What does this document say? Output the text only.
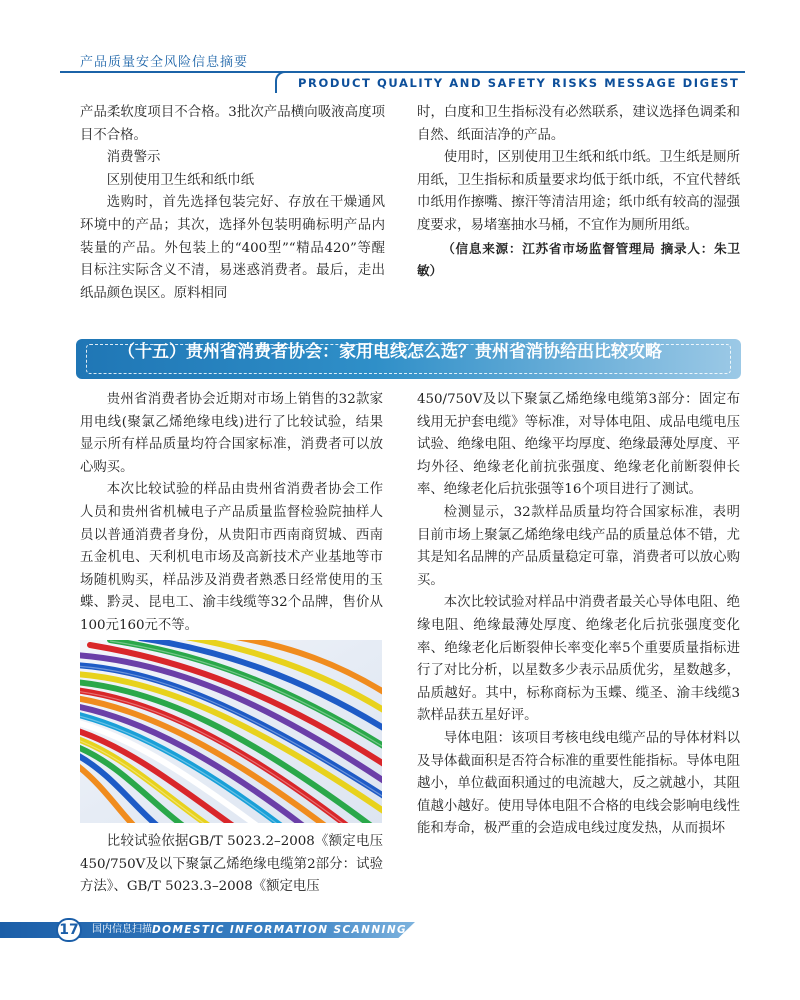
产品质量安全风险信息摘要
PRODUCT QUALITY AND SAFETY RISKS MESSAGE DIGEST

产品柔软度项目不合格。3批次产品横向吸液高度项目不合格。

消费警示

区别使用卫生纸和纸巾纸

选购时，首先选择包装完好、存放在干燥通风环境中的产品；其次，选择外包装明确标明产品内装量的产品。外包装上的“400型”“精品420”等醒目标注实际含义不清，易迷惑消费者。最后，走出纸品颜色误区。原料相同

时，白度和卫生指标没有必然联系，建议选择色调柔和自然、纸面洁净的产品。

使用时，区别使用卫生纸和纸巾纸。卫生纸是厕所用纸，卫生指标和质量要求均低于纸巾纸，不宜代替纸巾纸用作擦嘴、擦汗等清洁用途；纸巾纸有较高的湿强度要求，易堵塞抽水马桶，不宜作为厕所用纸。

（信息来源：江苏省市场监督管理局 摘录人：朱卫敏）

（十五）贵州省消费者协会：家用电线怎么选？贵州省消协给出比较攻略

贵州省消费者协会近期对市场上销售的32款家用电线(聚氯乙烯绝缘电线)进行了比较试验，结果显示所有样品质量均符合国家标准，消费者可以放心购买。

本次比较试验的样品由贵州省消费者协会工作人员和贵州省机械电子产品质量监督检验院抽样人员以普通消费者身份，从贵阳市西南商贸城、西南五金机电、天利机电市场及高新技术产业基地等市场随机购买，样品涉及消费者熟悉日经常使用的玉蝶、黔灵、昆电工、渝丰线缆等32个品牌，售价从100元160元不等。

比较试验依据GB/T 5023.2–2008《额定电压450/750V及以下聚氯乙烯绝缘电缆第2部分：试验方法》、GB/T 5023.3–2008《额定电压

450/750V及以下聚氯乙烯绝缘电缆第3部分：固定布线用无护套电缆》等标准，对导体电阻、成品电缆电压试验、绝缘电阻、绝缘平均厚度、绝缘最薄处厚度、平均外径、绝缘老化前抗张强度、绝缘老化前断裂伸长率、绝缘老化后抗张强等16个项目进行了测试。

检测显示，32款样品质量均符合国家标准，表明目前市场上聚氯乙烯绝缘电线产品的质量总体不错，尤其是知名品牌的产品质量稳定可靠，消费者可以放心购买。

本次比较试验对样品中消费者最关心导体电阻、绝缘电阻、绝缘最薄处厚度、绝缘老化后抗张强度变化率、绝缘老化后断裂伸长率变化率5个重要质量指标进行了对比分析，以星数多少表示品质优劣，星数越多，品质越好。其中，标称商标为玉蝶、缆圣、渝丰线缆3款样品获五星好评。

导体电阻：该项目考核电线电缆产品的导体材料以及导体截面积是否符合标准的重要性能指标。导体电阻越小，单位截面积通过的电流越大，反之就越小，其阻值越小越好。使用导体电阻不合格的电线会影响电线性能和寿命，极严重的会造成电线过度发热，从而损坏

17	国内信息扫描 DOMESTIC INFORMATION SCANNING
